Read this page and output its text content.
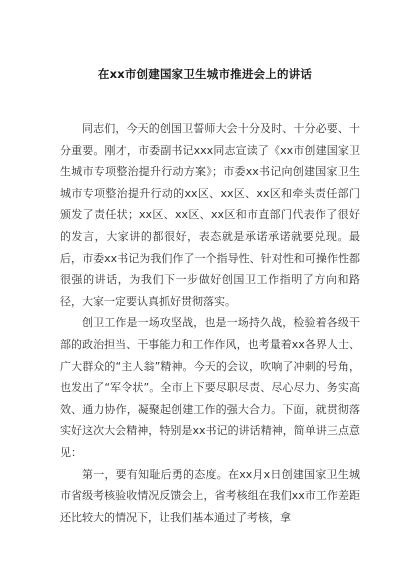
在xx市创建国家卫生城市推进会上的讲话

同志们，今天的创国卫誓师大会十分及时、十分必要、十分重要。刚才，市委副书记xxx同志宣读了《xx市创建国家卫生城市专项整治提升行动方案》；市委xx书记向创建国家卫生城市专项整治提升行动的xx区、xx区、xx区和牵头责任部门颁发了责任状；xx区、xx区、xx区和市直部门代表作了很好的发言，大家讲的都很好，表态就是承诺承诺就要兑现。最后，市委xx书记为我们作了一个指导性、针对性和可操作性都很强的讲话，为我们下一步做好创国卫工作指明了方向和路径，大家一定要认真抓好贯彻落实。

创卫工作是一场攻坚战，也是一场持久战，检验着各级干部的政治担当、干事能力和工作作风，也考量着xx各界人士、广大群众的“主人翁”精神。今天的会议，吹响了冲刺的号角，也发出了“军令状”。全市上下要尽职尽责、尽心尽力、务实高效、通力协作，凝聚起创建工作的强大合力。下面，就贯彻落实好这次大会精神，特别是xx书记的讲话精神，简单讲三点意见：

第一，要有知耻后勇的态度。在xx月x日创建国家卫生城市省级考核验收情况反馈会上，省考核组在我们xx市工作差距还比较大的情况下，让我们基本通过了考核，拿
